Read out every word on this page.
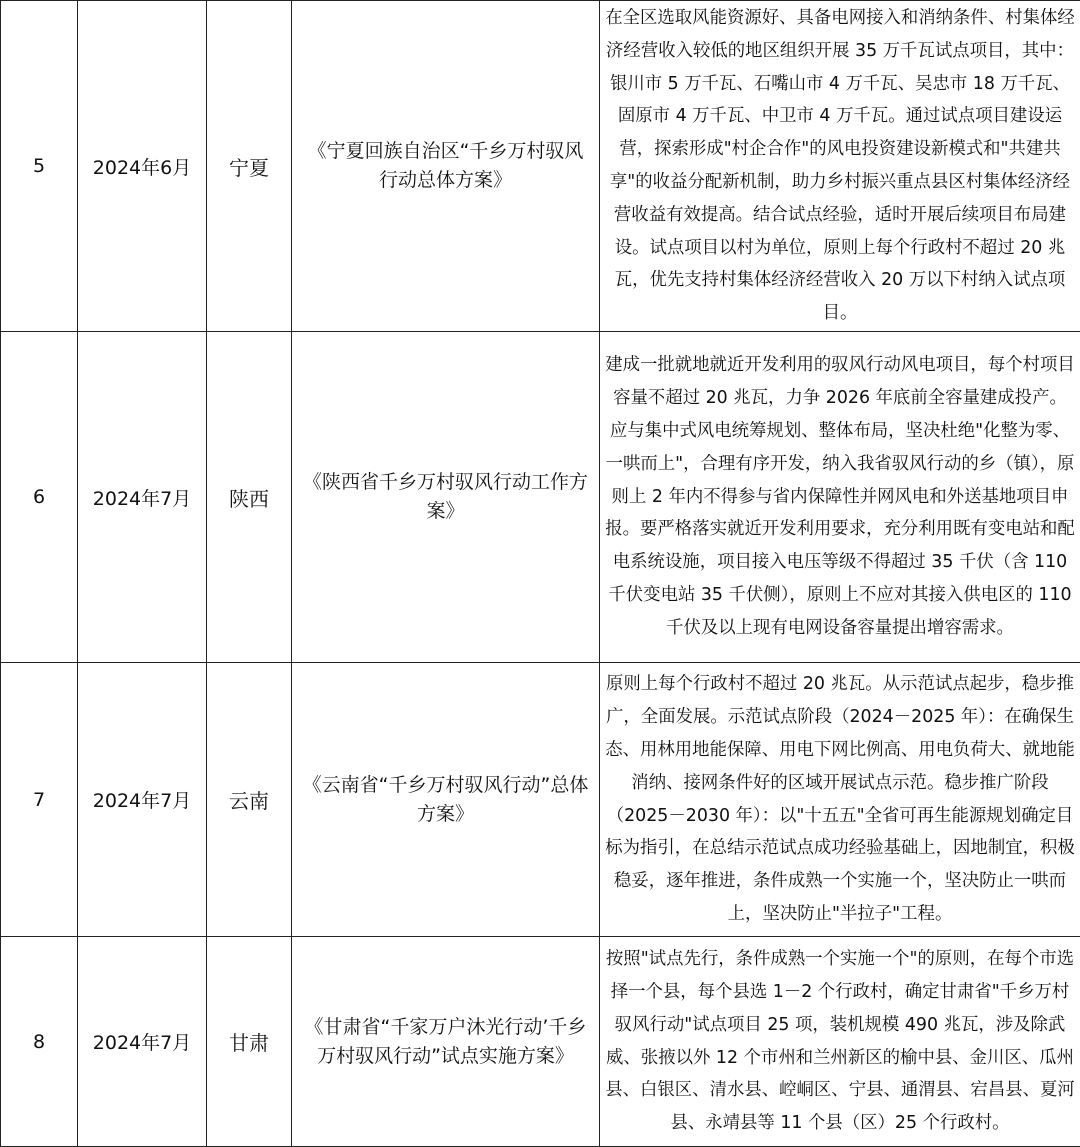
5	2024年6月	宁夏	《宁夏回族自治区“千乡万村驭风行动总体方案》	在全区选取风能资源好、具备电网接入和消纳条件、村集体经济经营收入较低的地区组织开展 35 万千瓦试点项目，其中：银川市 5 万千瓦、石嘴山市 4 万千瓦、吴忠市 18 万千瓦、固原市 4 万千瓦、中卫市 4 万千瓦。通过试点项目建设运营，探索形成"村企合作"的风电投资建设新模式和"共建共享"的收益分配新机制，助力乡村振兴重点县区村集体经济经营收益有效提高。结合试点经验，适时开展后续项目布局建设。试点项目以村为单位，原则上每个行政村不超过 20 兆瓦，优先支持村集体经济经营收入 20 万以下村纳入试点项目。
6	2024年7月	陕西	《陕西省千乡万村驭风行动工作方案》	建成一批就地就近开发利用的驭风行动风电项目，每个村项目容量不超过 20 兆瓦，力争 2026 年底前全容量建成投产。应与集中式风电统筹规划、整体布局，坚决杜绝"化整为零、一哄而上"，合理有序开发，纳入我省驭风行动的乡（镇），原则上 2 年内不得参与省内保障性并网风电和外送基地项目申报。要严格落实就近开发利用要求，充分利用既有变电站和配电系统设施，项目接入电压等级不得超过 35 千伏（含 110 千伏变电站 35 千伏侧），原则上不应对其接入供电区的 110 千伏及以上现有电网设备容量提出增容需求。
7	2024年7月	云南	《云南省“千乡万村驭风行动”总体方案》	原则上每个行政村不超过 20 兆瓦。从示范试点起步，稳步推广，全面发展。示范试点阶段（2024－2025 年）：在确保生态、用林用地能保障、用电下网比例高、用电负荷大、就地能消纳、接网条件好的区域开展试点示范。稳步推广阶段（2025－2030 年）：以"十五五"全省可再生能源规划确定目标为指引，在总结示范试点成功经验基础上，因地制宜，积极稳妥，逐年推进，条件成熟一个实施一个，坚决防止一哄而上，坚决防止"半拉子"工程。
8	2024年7月	甘肃	《甘肃省“千家万户沐光行动’千乡万村驭风行动”试点实施方案》	按照"试点先行，条件成熟一个实施一个"的原则，在每个市选择一个县，每个县选 1－2 个行政村，确定甘肃省"千乡万村驭风行动"试点项目 25 项，装机规模 490 兆瓦，涉及除武威、张掖以外 12 个市州和兰州新区的榆中县、金川区、瓜州县、白银区、清水县、崆峒区、宁县、通渭县、宕昌县、夏河县、永靖县等 11 个县（区）25 个行政村。
